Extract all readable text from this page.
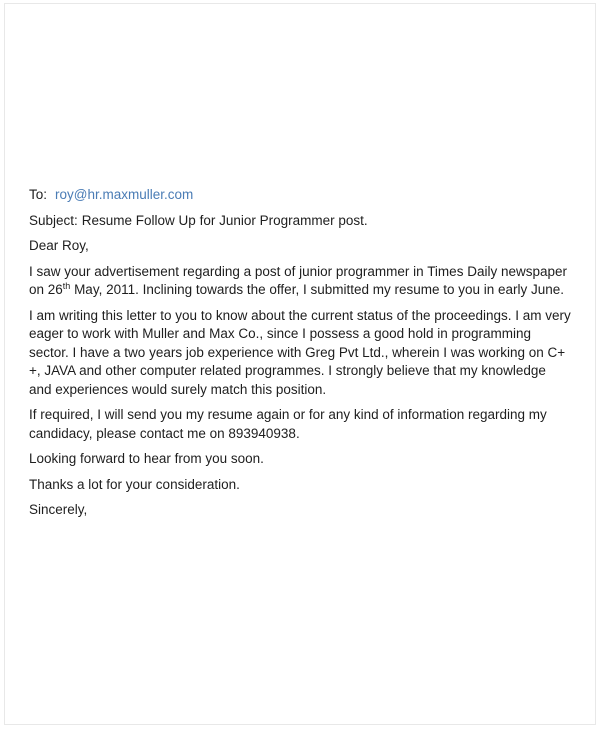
To: roy@hr.maxmuller.com
Subject: Resume Follow Up for Junior Programmer post.
Dear Roy,
I saw your advertisement regarding a post of junior programmer in Times Daily newspaper
on 26th May, 2011. Inclining towards the offer, I submitted my resume to you in early June.
I am writing this letter to you to know about the current status of the proceedings. I am very
eager to work with Muller and Max Co., since I possess a good hold in programming
sector. I have a two years job experience with Greg Pvt Ltd., wherein I was working on C+
+, JAVA and other computer related programmes. I strongly believe that my knowledge
and experiences would surely match this position.
If required, I will send you my resume again or for any kind of information regarding my
candidacy, please contact me on 893940938.
Looking forward to hear from you soon.
Thanks a lot for your consideration.
Sincerely,
